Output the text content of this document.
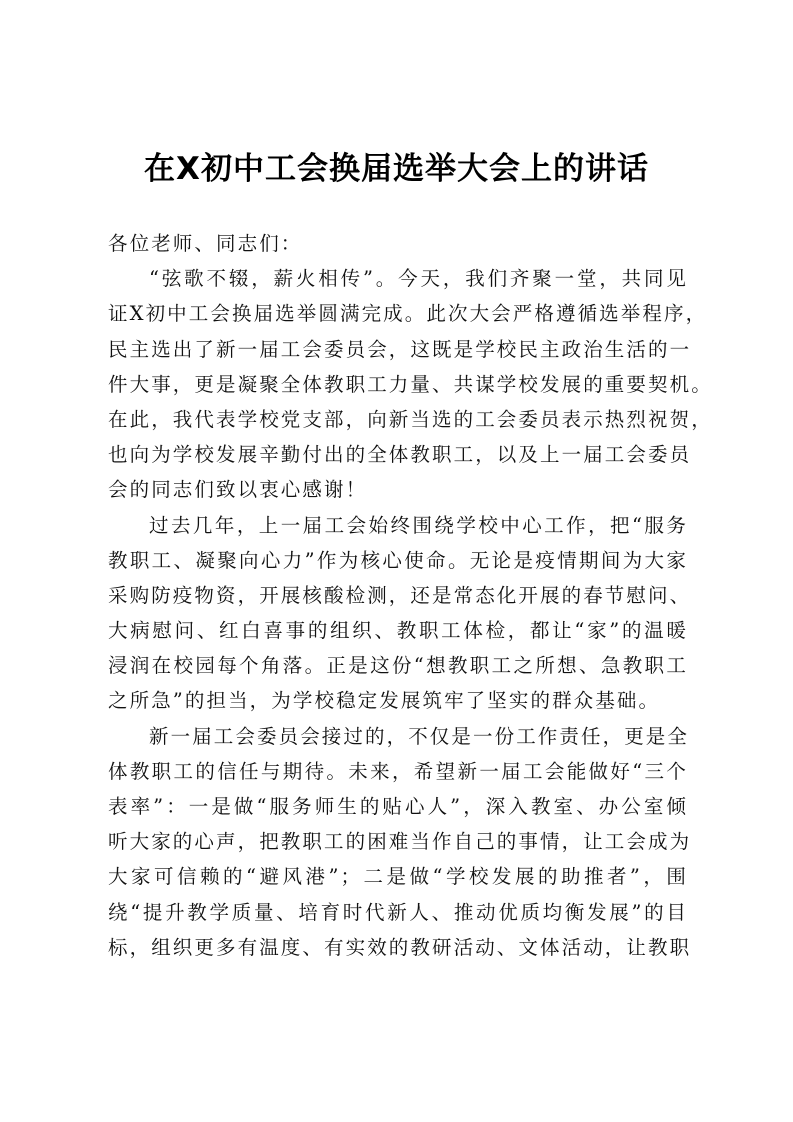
在X初中工会换届选举大会上的讲话
各位老师、同志们：
“弦歌不辍，薪火相传”。今天，我们齐聚一堂，共同见
证X初中工会换届选举圆满完成。此次大会严格遵循选举程序，
民主选出了新一届工会委员会，这既是学校民主政治生活的一
件大事，更是凝聚全体教职工力量、共谋学校发展的重要契机。
在此，我代表学校党支部，向新当选的工会委员表示热烈祝贺，
也向为学校发展辛勤付出的全体教职工，以及上一届工会委员
会的同志们致以衷心感谢！
过去几年，上一届工会始终围绕学校中心工作，把“服务
教职工、凝聚向心力”作为核心使命。无论是疫情期间为大家
采购防疫物资，开展核酸检测，还是常态化开展的春节慰问、
大病慰问、红白喜事的组织、教职工体检，都让“家”的温暖
浸润在校园每个角落。正是这份“想教职工之所想、急教职工
之所急”的担当，为学校稳定发展筑牢了坚实的群众基础。
新一届工会委员会接过的，不仅是一份工作责任，更是全
体教职工的信任与期待。未来，希望新一届工会能做好“三个
表率”：一是做“服务师生的贴心人”，深入教室、办公室倾
听大家的心声，把教职工的困难当作自己的事情，让工会成为
大家可信赖的“避风港”；二是做“学校发展的助推者”，围
绕“提升教学质量、培育时代新人、推动优质均衡发展”的目
标，组织更多有温度、有实效的教研活动、文体活动，让教职
